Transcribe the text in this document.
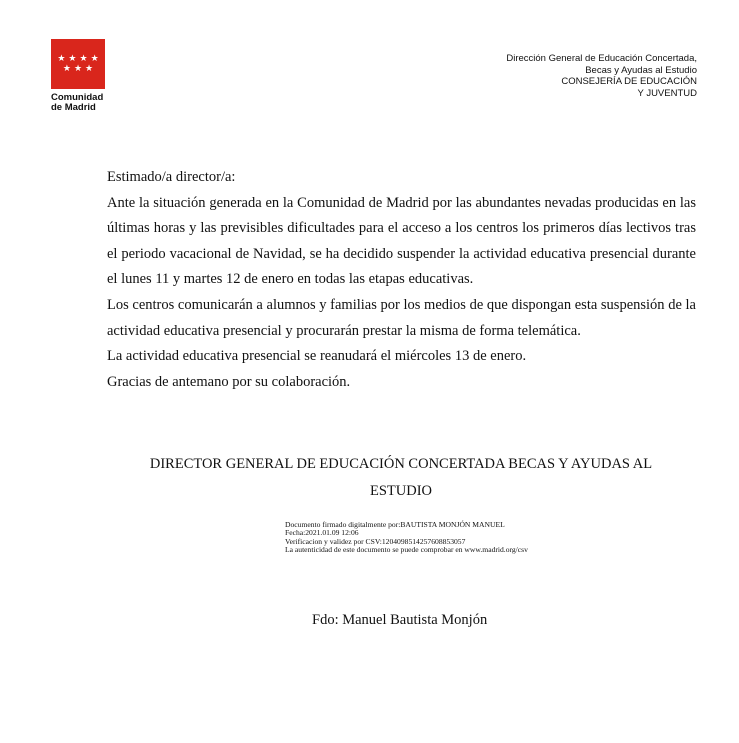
★ ★ ★ ★
★ ★ ★
Comunidad
de Madrid
Dirección General de Educación Concertada,
Becas y Ayudas al Estudio
CONSEJERÍA DE EDUCACIÓN
Y JUVENTUD

Estimado/a director/a:

Ante la situación generada en la Comunidad de Madrid por las abundantes nevadas producidas en las últimas horas y las previsibles dificultades para el acceso a los centros los primeros días lectivos tras el periodo vacacional de Navidad, se ha decidido suspender la actividad educativa presencial durante el lunes 11 y martes 12 de enero en todas las etapas educativas.

Los centros comunicarán a alumnos y familias por los medios de que dispongan esta suspensión de la actividad educativa presencial y procurarán prestar la misma de forma telemática.

La actividad educativa presencial se reanudará el miércoles 13 de enero.

Gracias de antemano por su colaboración.

DIRECTOR GENERAL DE EDUCACIÓN CONCERTADA BECAS Y AYUDAS AL
ESTUDIO
Documento firmado digitalmente por:BAUTISTA MONJÓN MANUEL
Fecha:2021.01.09 12:06
Verificacion y validez por CSV:1204098514257608853057
La autenticidad de este documento se puede comprobar en www.madrid.org/csv
Fdo: Manuel Bautista Monjón
